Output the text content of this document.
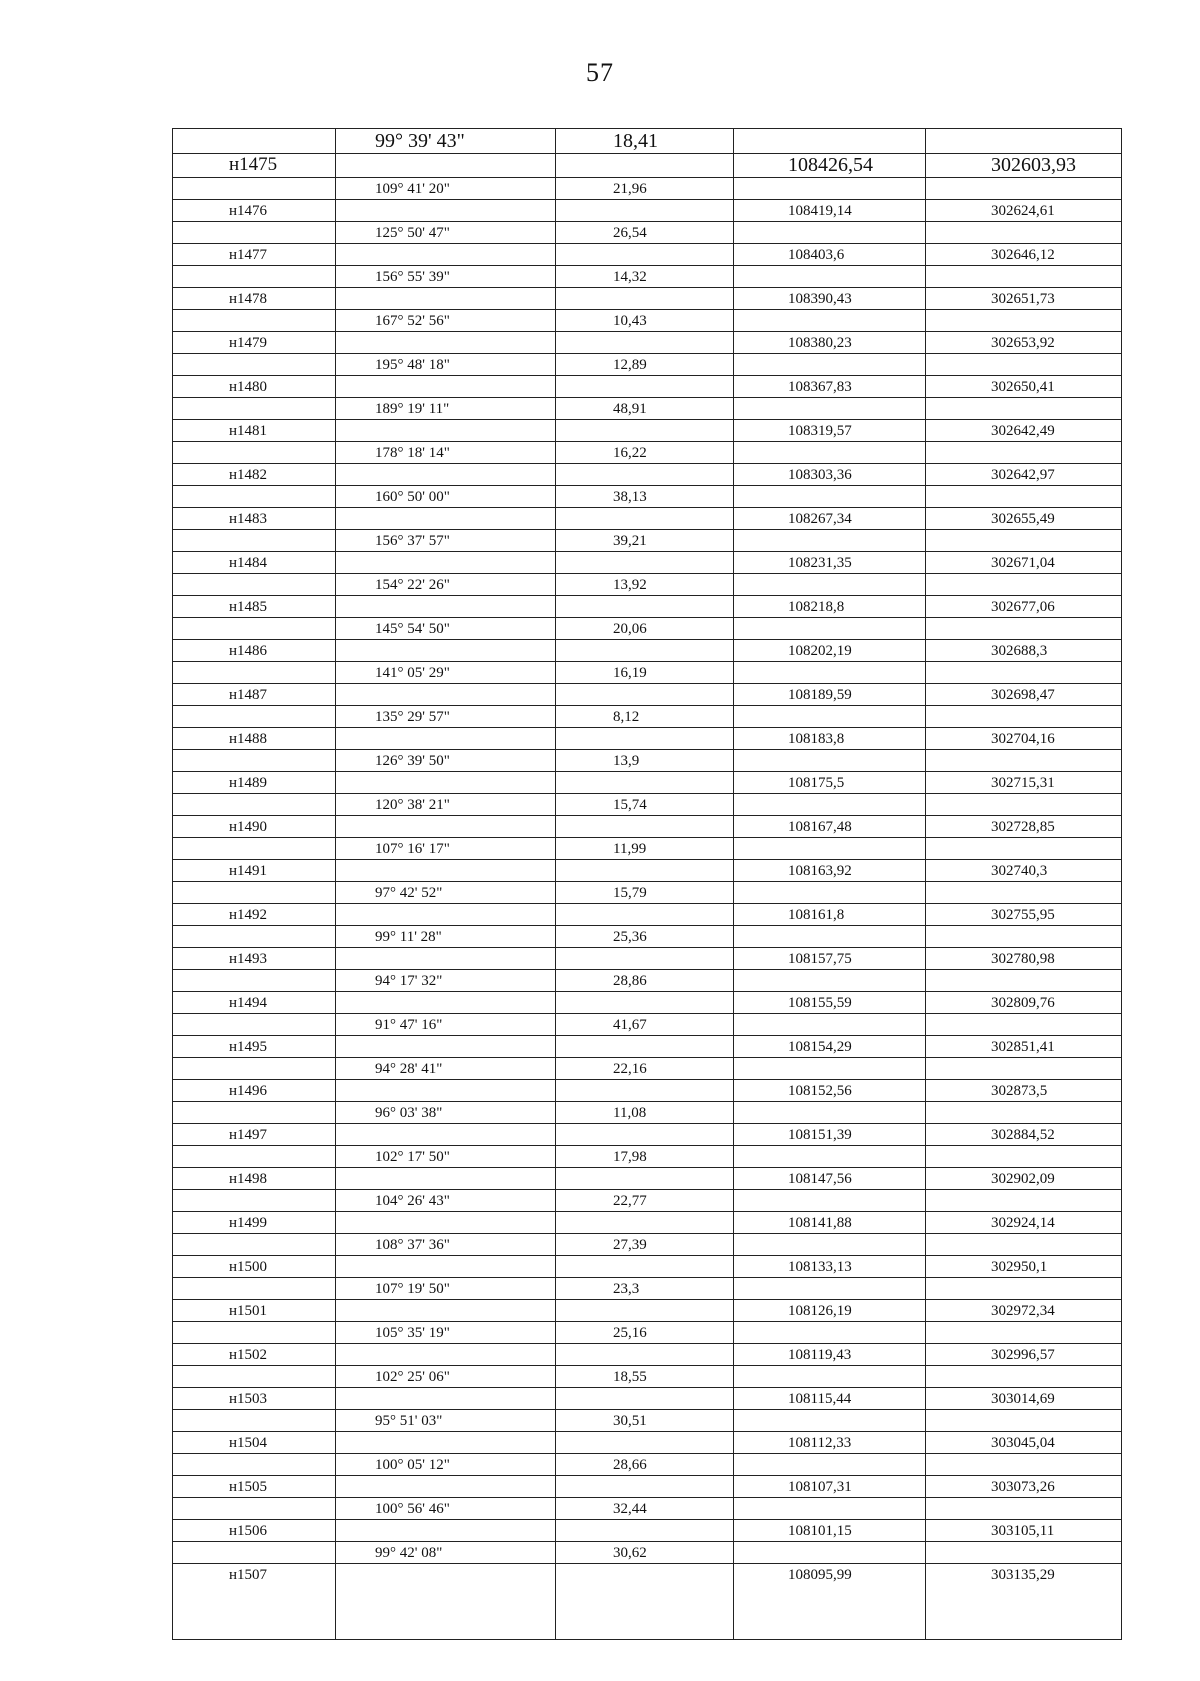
57
99° 39' 43"	18,41
н1475	108426,54	302603,93
109° 41' 20"	21,96
н1476	108419,14	302624,61
125° 50' 47"	26,54
н1477	108403,6	302646,12
156° 55' 39"	14,32
н1478	108390,43	302651,73
167° 52' 56"	10,43
н1479	108380,23	302653,92
195° 48' 18"	12,89
н1480	108367,83	302650,41
189° 19' 11"	48,91
н1481	108319,57	302642,49
178° 18' 14"	16,22
н1482	108303,36	302642,97
160° 50' 00"	38,13
н1483	108267,34	302655,49
156° 37' 57"	39,21
н1484	108231,35	302671,04
154° 22' 26"	13,92
н1485	108218,8	302677,06
145° 54' 50"	20,06
н1486	108202,19	302688,3
141° 05' 29"	16,19
н1487	108189,59	302698,47
135° 29' 57"	8,12
н1488	108183,8	302704,16
126° 39' 50"	13,9
н1489	108175,5	302715,31
120° 38' 21"	15,74
н1490	108167,48	302728,85
107° 16' 17"	11,99
н1491	108163,92	302740,3
97° 42' 52"	15,79
н1492	108161,8	302755,95
99° 11' 28"	25,36
н1493	108157,75	302780,98
94° 17' 32"	28,86
н1494	108155,59	302809,76
91° 47' 16"	41,67
н1495	108154,29	302851,41
94° 28' 41"	22,16
н1496	108152,56	302873,5
96° 03' 38"	11,08
н1497	108151,39	302884,52
102° 17' 50"	17,98
н1498	108147,56	302902,09
104° 26' 43"	22,77
н1499	108141,88	302924,14
108° 37' 36"	27,39
н1500	108133,13	302950,1
107° 19' 50"	23,3
н1501	108126,19	302972,34
105° 35' 19"	25,16
н1502	108119,43	302996,57
102° 25' 06"	18,55
н1503	108115,44	303014,69
95° 51' 03"	30,51
н1504	108112,33	303045,04
100° 05' 12"	28,66
н1505	108107,31	303073,26
100° 56' 46"	32,44
н1506	108101,15	303105,11
99° 42' 08"	30,62
н1507	108095,99	303135,29
